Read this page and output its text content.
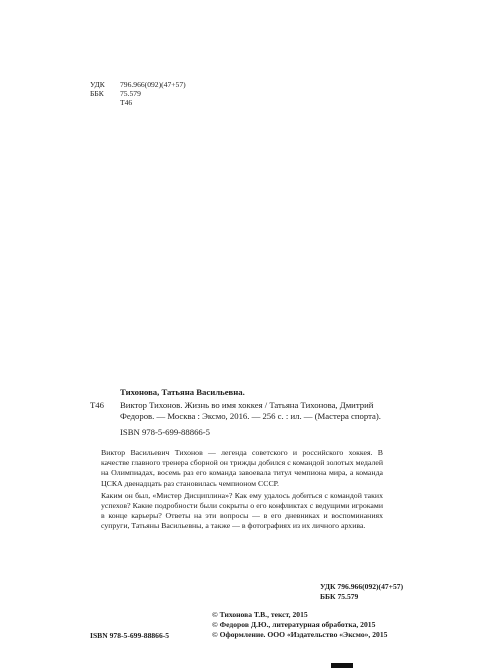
УДК 796.966(092)(47+57)
ББК 75.579
Т46
Тихонова, Татьяна Васильевна.
Т46 Виктор Тихонов. Жизнь во имя хоккея / Татьяна Тихонова, Дмитрий Федоров. — Москва : Эксмо, 2016. — 256 с. : ил. — (Мастера спорта).
ISBN 978-5-699-88866-5

Виктор Васильевич Тихонов — легенда советского и российского хоккея. В качестве главного тренера сборной он трижды добился с командой золотых медалей на Олимпиадах, восемь раз его команда завоевала титул чемпиона мира, а команда ЦСКА двенадцать раз становилась чемпионом СССР.

Каким он был, «Мистер Дисциплина»? Как ему удалось добиться с командой таких успехов? Какие подробности были сокрыты о его конфликтах с ведущими игроками в конце карьеры? Ответы на эти вопросы — в его дневниках и воспоминаниях супруги, Татьяны Васильевны, а также — в фотографиях из их личного архива.

УДК 796.966(092)(47+57)
ББК 75.579
© Тихонова Т.В., текст, 2015
© Федоров Д.Ю., литературная обработка, 2015
© Оформление. ООО «Издательство «Эксмо», 2015
ISBN 978-5-699-88866-5
